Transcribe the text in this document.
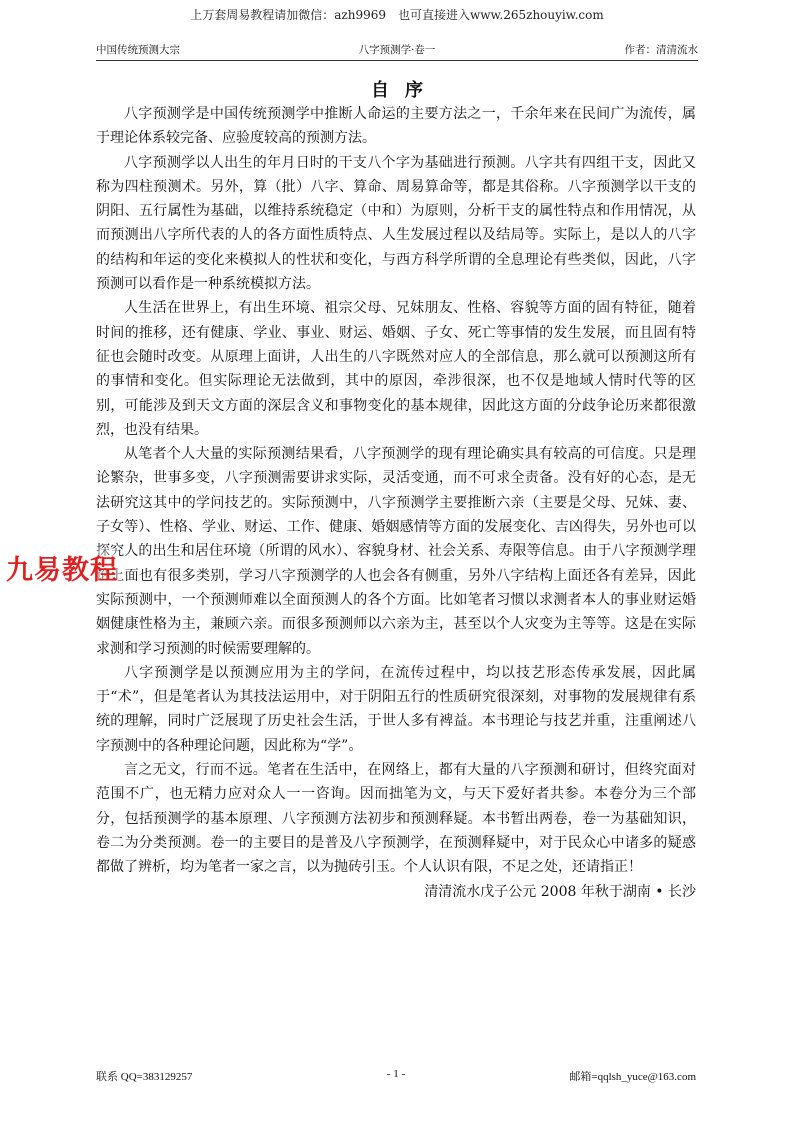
上万套周易教程请加微信：azh9969　也可直接进入www.265zhouyiw.com
中国传统预测大宗	八字预测学·卷一	作者：清清流水
自序

八字预测学是中国传统预测学中推断人命运的主要方法之一，千余年来在民间广为流传，属于理论体系较完备、应验度较高的预测方法。

八字预测学以人出生的年月日时的干支八个字为基础进行预测。八字共有四组干支，因此又称为四柱预测术。另外，算（批）八字、算命、周易算命等，都是其俗称。八字预测学以干支的阴阳、五行属性为基础，以维持系统稳定（中和）为原则，分析干支的属性特点和作用情况，从而预测出八字所代表的人的各方面性质特点、人生发展过程以及结局等。实际上，是以人的八字的结构和年运的变化来模拟人的性状和变化，与西方科学所谓的全息理论有些类似，因此，八字预测可以看作是一种系统模拟方法。

人生活在世界上，有出生环境、祖宗父母、兄妹朋友、性格、容貌等方面的固有特征，随着时间的推移，还有健康、学业、事业、财运、婚姻、子女、死亡等事情的发生发展，而且固有特征也会随时改变。从原理上面讲，人出生的八字既然对应人的全部信息，那么就可以预测这所有的事情和变化。但实际理论无法做到，其中的原因，牵涉很深，也不仅是地域人情时代等的区别，可能涉及到天文方面的深层含义和事物变化的基本规律，因此这方面的分歧争论历来都很激烈，也没有结果。

从笔者个人大量的实际预测结果看，八字预测学的现有理论确实具有较高的可信度。只是理论繁杂，世事多变，八字预测需要讲求实际，灵活变通，而不可求全责备。没有好的心态，是无法研究这其中的学问技艺的。实际预测中，八字预测学主要推断六亲（主要是父母、兄妹、妻、子女等）、性格、学业、财运、工作、健康、婚姻感情等方面的发展变化、吉凶得失，另外也可以探究人的出生和居住环境（所谓的风水）、容貌身材、社会关系、寿限等信息。由于八字预测学理论上面也有很多类别，学习八字预测学的人也会各有侧重，另外八字结构上面还各有差异，因此实际预测中，一个预测师难以全面预测人的各个方面。比如笔者习惯以求测者本人的事业财运婚姻健康性格为主，兼顾六亲。而很多预测师以六亲为主，甚至以个人灾变为主等等。这是在实际求测和学习预测的时候需要理解的。

八字预测学是以预测应用为主的学问，在流传过程中，均以技艺形态传承发展，因此属于“术”，但是笔者认为其技法运用中，对于阴阳五行的性质研究很深刻，对事物的发展规律有系统的理解，同时广泛展现了历史社会生活，于世人多有裨益。本书理论与技艺并重，注重阐述八字预测中的各种理论问题，因此称为“学”。

言之无文，行而不远。笔者在生活中，在网络上，都有大量的八字预测和研讨，但终究面对范围不广，也无精力应对众人一一咨询。因而拙笔为文，与天下爱好者共参。本卷分为三个部分，包括预测学的基本原理、八字预测方法初步和预测释疑。本书暂出两卷，卷一为基础知识，卷二为分类预测。卷一的主要目的是普及八字预测学，在预测释疑中，对于民众心中诸多的疑惑都做了辨析，均为笔者一家之言，以为抛砖引玉。个人认识有限，不足之处，还请指正！

清清流水戊子公元 2008 年秋于湖南 • 长沙

九易教程
联系 QQ=383129257	- 1 -	邮箱=qqlsh_yuce@163.com
